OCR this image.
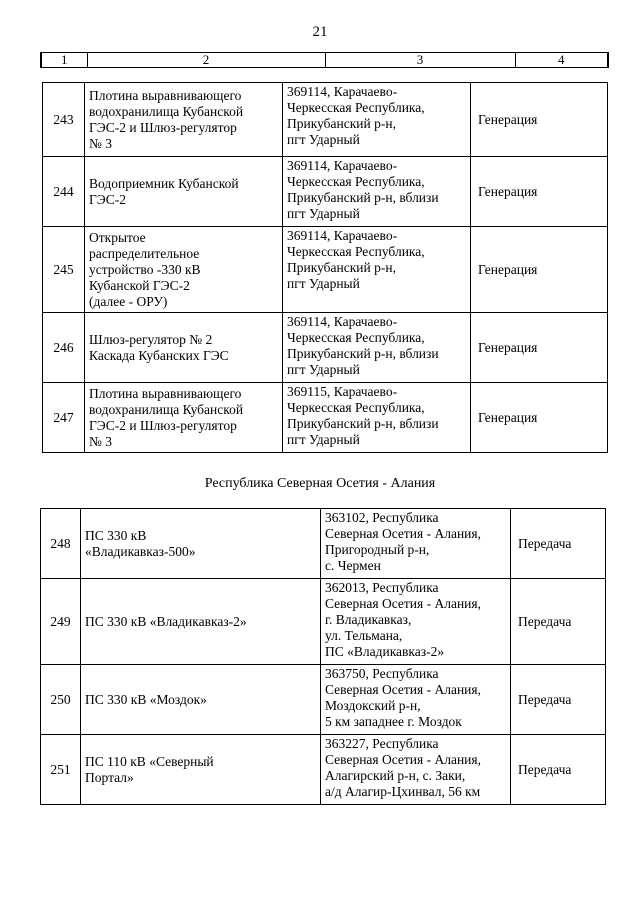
21
1	2	3	4
243	Плотина выравнивающего
водохранилища Кубанской
ГЭС-2 и Шлюз-регулятор
№ 3	369114, Карачаево-
Черкесская Республика,
Прикубанский р-н,
пгт Ударный	Генерация
244	Водоприемник Кубанской
ГЭС-2	369114, Карачаево-
Черкесская Республика,
Прикубанский р-н, вблизи
пгт Ударный	Генерация
245	Открытое
распределительное
устройство -330 кВ
Кубанской ГЭС-2
(далее - ОРУ)	369114, Карачаево-
Черкесская Республика,
Прикубанский р-н,
пгт Ударный	Генерация
246	Шлюз-регулятор № 2
Каскада Кубанских ГЭС	369114, Карачаево-
Черкесская Республика,
Прикубанский р-н, вблизи
пгт Ударный	Генерация
247	Плотина выравнивающего
водохранилища Кубанской
ГЭС-2 и Шлюз-регулятор
№ 3	369115, Карачаево-
Черкесская Республика,
Прикубанский р-н, вблизи
пгт Ударный	Генерация
Республика Северная Осетия - Алания
248	ПС 330 кВ
«Владикавказ-500»	363102, Республика
Северная Осетия - Алания,
Пригородный р-н,
с. Чермен	Передача
249	ПС 330 кВ «Владикавказ-2»	362013, Республика
Северная Осетия - Алания,
г. Владикавказ,
ул. Тельмана,
ПС «Владикавказ-2»	Передача
250	ПС 330 кВ «Моздок»	363750, Республика
Северная Осетия - Алания,
Моздокский р-н,
5 км западнее г. Моздок	Передача
251	ПС 110 кВ «Северный
Портал»	363227, Республика
Северная Осетия - Алания,
Алагирский р-н, с. Заки,
а/д Алагир-Цхинвал, 56 км	Передача
